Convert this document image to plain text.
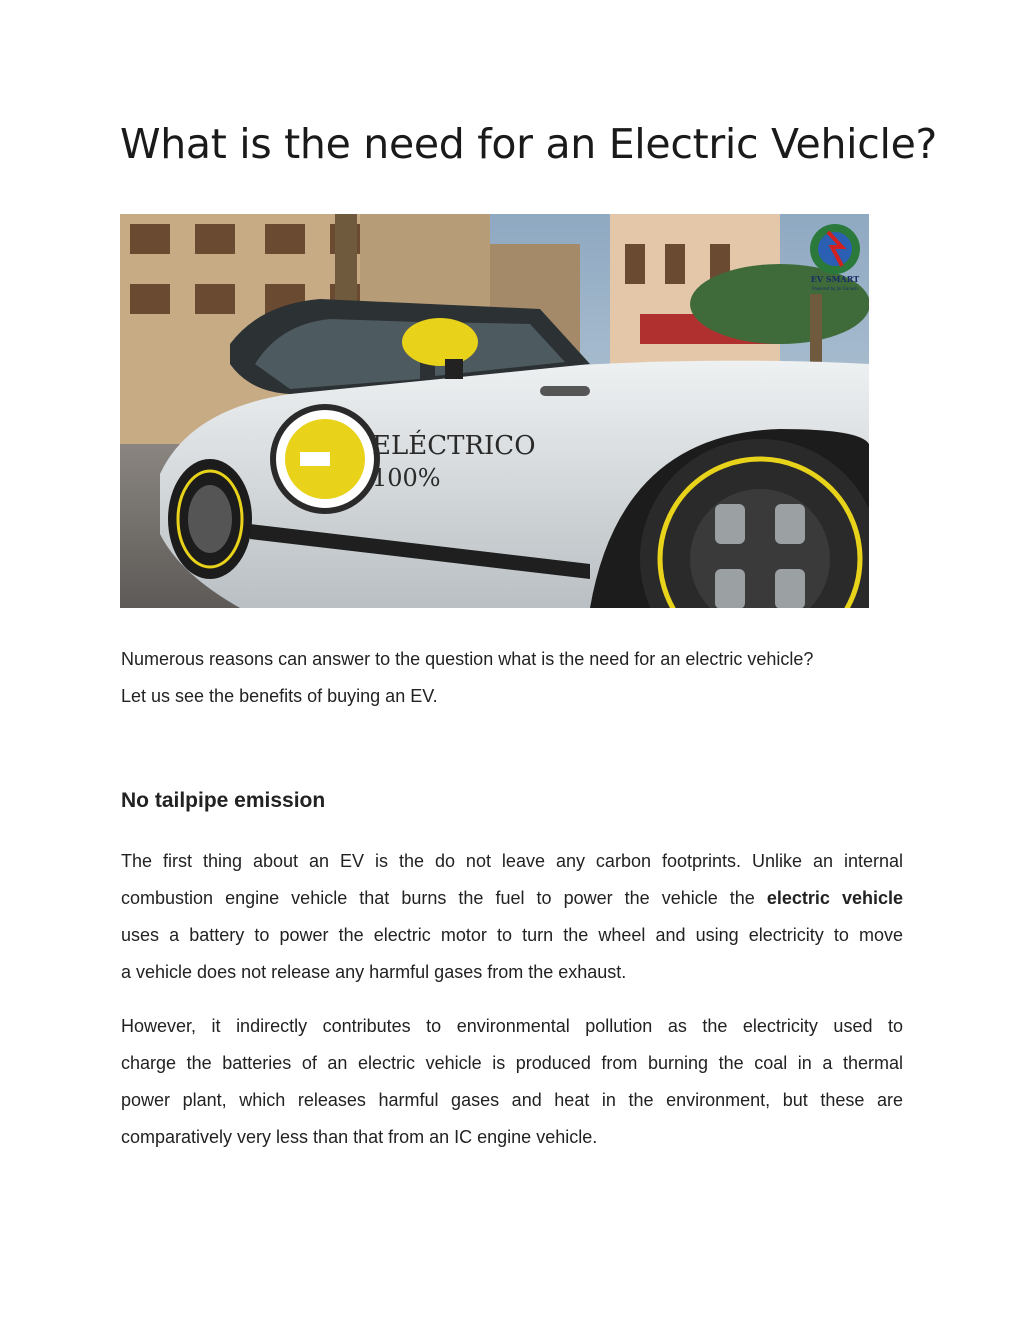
What is the need for an Electric Vehicle?
ELÉCTRICO
100%
EV SMART
Powered by Jai Ganesh

Numerous reasons can answer to the question what is the need for an electric vehicle?
Let us see the benefits of buying an EV.

No tailpipe emission

The first thing about an EV is the do not leave any carbon footprints. Unlike an internal
combustion engine vehicle that burns the fuel to power the vehicle the electric vehicle
uses a battery to power the electric motor to turn the wheel and using electricity to move
a vehicle does not release any harmful gases from the exhaust.

However, it indirectly contributes to environmental pollution as the electricity used to
charge the batteries of an electric vehicle is produced from burning the coal in a thermal
power plant, which releases harmful gases and heat in the environment, but these are
comparatively very less than that from an IC engine vehicle.
